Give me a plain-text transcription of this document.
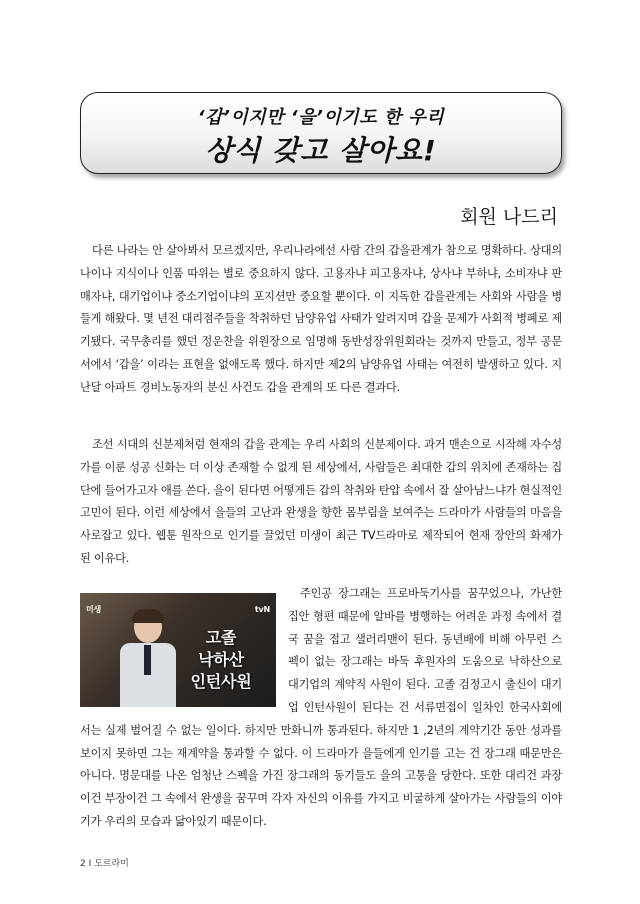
‘갑’이지만 ‘을’이기도 한 우리
상식 갖고 살아요!
회원 나드리

다른 나라는 안 살아봐서 모르겠지만, 우리나라에선 사람 간의 갑을관계가 참으로 명확하다. 상대의 나이나 지식이나 인품 따위는 별로 중요하지 않다. 고용자냐 피고용자냐, 상사냐 부하냐, 소비자냐 판매자냐, 대기업이냐 중소기업이냐의 포지션만 중요할 뿐이다. 이 지독한 갑을관계는 사회와 사람을 병들게 해왔다. 몇 년전 대리점주들을 착취하던 남양유업 사태가 알려지며 갑을 문제가 사회적 병폐로 제기됐다. 국무총리를 했던 정운찬을 위원장으로 임명해 동반성장위원회라는 것까지 만들고, 정부 공문서에서 ‘갑을’ 이라는 표현을 없애도록 했다. 하지만 제2의 남양유업 사태는 여전히 발생하고 있다. 지난달 아파트 경비노동자의 분신 사건도 갑을 관계의 또 다른 결과다.

조선 시대의 신분제처럼 현재의 갑을 관계는 우리 사회의 신분제이다. 과거 맨손으로 시작해 자수성가를 이룬 성공 신화는 더 이상 존재할 수 없게 된 세상에서, 사람들은 최대한 갑의 위치에 존재하는 집단에 들어가고자 애를 쓴다. 을이 된다면 어떻게든 갑의 착취와 탄압 속에서 잘 살아남느냐가 현실적인 고민이 된다. 이런 세상에서 을들의 고난과 완생을 향한 몸부림을 보여주는 드라마가 사람들의 마음을 사로잡고 있다. 웹툰 원작으로 인기를 끌었던 미생이 최근 TV드라마로 제작되어 현재 장안의 화제가 된 이유다.

미생	tvN
고졸
낙하산
인턴사원

주인공 장그래는 프로바둑기사를 꿈꾸었으나, 가난한 집안 형편 때문에 알바를 병행하는 어려운 과정 속에서 결국 꿈을 접고 샐러리맨이 된다. 동년배에 비해 아무런 스펙이 없는 장그래는 바둑 후원자의 도움으로 낙하산으로 대기업의 계약직 사원이 된다. 고졸 검정고시 출신이 대기업 인턴사원이 된다는 건 서류면접이 일차인 한국사회에서는 실제 벌어질 수 없는 일이다. 하지만 만화니까 통과된다. 하지만 1 ,2년의 계약기간 동안 성과를 보이지 못하면 그는 재계약을 통과할 수 없다. 이 드라마가 을들에게 인기를 고는 건 장그래 때문만은 아니다. 명문대를 나온 엄청난 스펙을 가진 장그래의 동기들도 을의 고통을 당한다. 또한 대리건 과장이건 부장이건 그 속에서 완생을 꿈꾸며 각자 자신의 이유를 가지고 비굴하게 살아가는 사람들의 이야기가 우리의 모습과 닮아있기 때문이다.

2 I 도르라미
